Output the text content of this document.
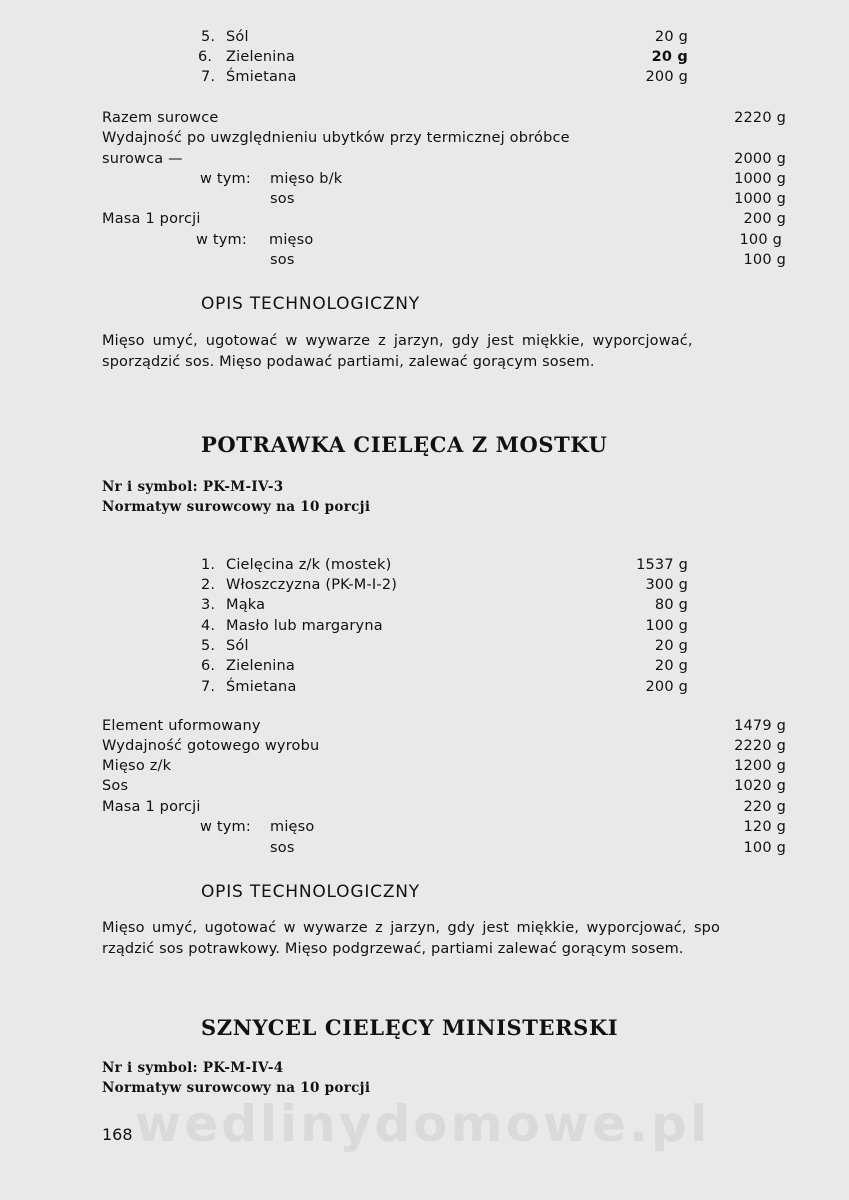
5. Sól	20 g
6. Zielenina	20 g
7. Śmietana	200 g
Razem surowce	2220 g
Wydajność po uwzględnieniu ubytków przy termicznej obróbce
surowca —	2000 g
w tym: mięso b/k	1000 g
sos	1000 g
Masa 1 porcji	200 g
w tym: mięso	100 g
sos	100 g
OPIS TECHNOLOGICZNY
Mięso umyć, ugotować w wywarze z jarzyn, gdy jest miękkie, wyporcjować,
sporządzić sos. Mięso podawać partiami, zalewać gorącym sosem.
POTRAWKA CIELĘCA Z MOSTKU
Nr i symbol: PK-M-IV-3
Normatyw surowcowy na 10 porcji
1. Cielęcina z/k (mostek)	1537 g
2. Włoszczyzna (PK-M-I-2)	300 g
3. Mąka	80 g
4. Masło lub margaryna	100 g
5. Sól	20 g
6. Zielenina	20 g
7. Śmietana	200 g
Element uformowany	1479 g
Wydajność gotowego wyrobu	2220 g
Mięso z/k	1200 g
Sos	1020 g
Masa 1 porcji	220 g
w tym: mięso	120 g
sos	100 g
OPIS TECHNOLOGICZNY
Mięso umyć, ugotować w wywarze z jarzyn, gdy jest miękkie, wyporcjować, spo
rządzić sos potrawkowy. Mięso podgrzewać, partiami zalewać gorącym sosem.
SZNYCEL CIELĘCY MINISTERSKI
Nr i symbol: PK-M-IV-4
Normatyw surowcowy na 10 porcji
wedlinydomowe.pl
168
